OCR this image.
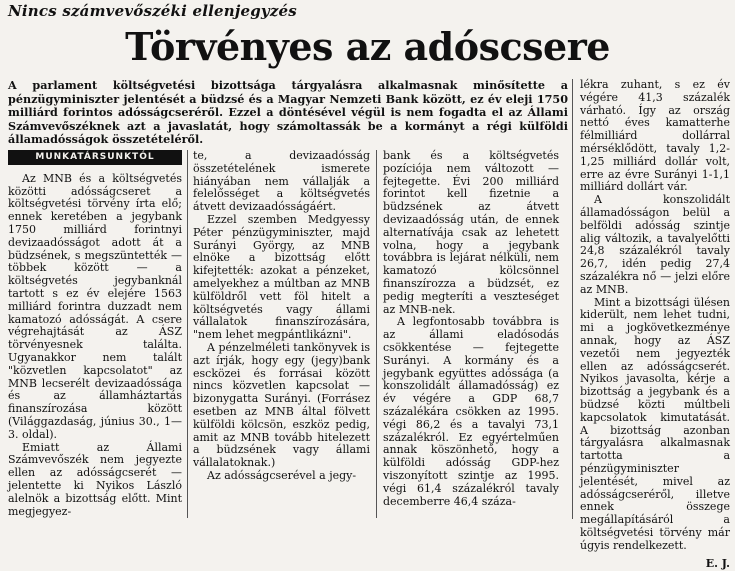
Nincs számvevőszéki ellenjegyzés
Törvényes az adóscsere

A parlament költségvetési bizottsága tárgyalásra alkalmasnak minősítette a pénzügyminiszter jelentését a büdzsé és a Magyar Nemzeti Bank között, ez év eleji 1750 milliárd forintos adósságcseréről. Ezzel a döntésével végül is nem fogadta el az Állami Számvevőszéknek azt a javaslatát, hogy számoltassák be a kormányt a régi külföldi államadósságok összetételéről.

MUNKATÁRSUNKTÓL

Az MNB és a költségvetés közötti adósságcseret a költségvetési törvény írta elő; ennek keretében a jegybank 1750 milliárd forintnyi devizaadósságot adott át a büdzsének, s megszüntették — többek között — a költségvetés jegybanknál tartott s ez év elejére 1563 milliárd forintra duzzadt nem kamatozó adósságát. A csere végrehajtását az ÁSZ törvényesnek találta. Ugyanakkor nem talált "közvetlen kapcsolatot" az MNB lecserélt devizaadóssága és az államháztartás finanszírozása között (Világgazdaság, június 30., 1—3. oldal).

Emiatt az Állami Számvevőszék nem jegyezte ellen az adósságcserét — jelentette ki Nyikos László alelnök a bizottság előtt. Mint megjegyez-

te, a devizaadósság összetételének ismerete hiányában nem vállalják a felelősséget a költségvetés átvett devizaadósságáért.

Ezzel szemben Medgyessy Péter pénzügyminiszter, majd Surányi György, az MNB elnöke a bizottság előtt kifejtették: azokat a pénzeket, amelyekhez a múltban az MNB külföldről vett föl hitelt a költségvetés vagy állami vállalatok finanszírozására, "nem lehet megpántlikázni".

A pénzelméleti tankönyvek is azt írják, hogy egy (jegy)bank escközei és forrásai között nincs közvetlen kapcsolat — bizonygatta Surányi. (Forrásez esetben az MNB által fölvett külföldi kölcsön, eszköz pedig, amit az MNB tovább hitelezett a büdzsének vagy állami vállalatoknak.)

Az adósságcserével a jegy-

bank és a költségvetés pozíciója nem változott — fejtegette. Évi 200 milliárd forintot kell fizetnie a büdzsének az átvett devizaadósság után, de ennek alternatívája csak az lehetett volna, hogy a jegybank továbbra is lejárat nélküli, nem kamatozó kölcsönnel finanszírozza a büdzsét, ez pedig megteríti a veszteséget az MNB-nek.

A legfontosabb továbbra is az állami eladósodás csökkentése — fejtegette Surányi. A kormány és a jegybank együttes adóssága (a konszolidált államadósság) ez év végére a GDP 68,7 százalékára csökken az 1995. végi 86,2 és a tavalyi 73,1 százalékról. Ez egyértelműen annak köszönhető, hogy a külföldi adósság GDP-hez viszonyított szintje az 1995. végi 61,4 százalékról tavaly decemberre 46,4 száza-

lékra zuhant, s ez év végére 41,3 százalék várható. Így az ország nettó éves kamatterhe félmilliárd dollárral mérséklődött, tavaly 1,2-1,25 milliárd dollár volt, erre az évre Surányi 1-1,1 milliárd dollárt vár.

A konszolidált államadósságon belül a belföldi adósság szintje alig változik, a tavalyelőtti 24,8 százalékról tavaly 26,7, idén pedig 27,4 százalékra nő — jelzi előre az MNB.

Mint a bizottsági ülésen kiderült, nem lehet tudni, mi a jogkövetkezménye annak, hogy az ÁSZ vezetői nem jegyezték ellen az adósságcserét. Nyikos javasolta, kérje a bizottság a jegybank és a büdzsé közti múltbeli kapcsolatok kimutatását. A bizottság azonban tárgyalásra alkalmasnak tartotta a pénzügyminiszter jelentését, mivel az adósságcseréről, illetve ennek összege megállapításáról a költségvetési törvény már úgyis rendelkezett.

E. J.
